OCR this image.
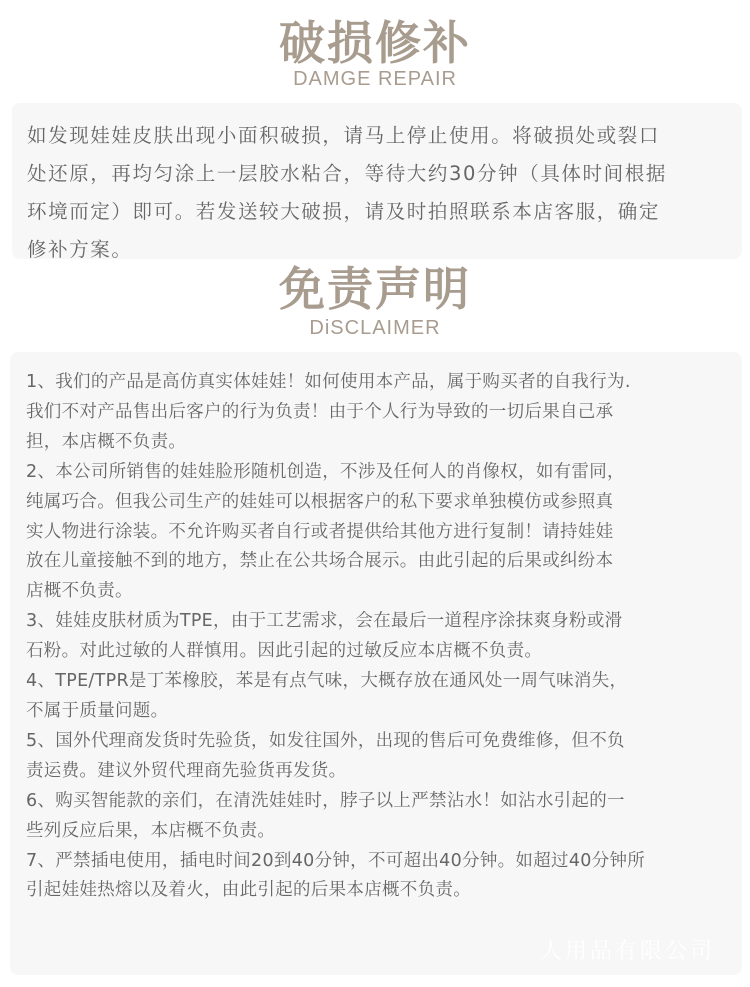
破损修补
DAMGE REPAIR
如发现娃娃皮肤出现小面积破损，请马上停止使用。将破损处或裂口
处还原，再均匀涂上一层胶水粘合，等待大约30分钟（具体时间根据
环境而定）即可。若发送较大破损，请及时拍照联系本店客服，确定
修补方案。
免责声明
DiSCLAIMER
1、我们的产品是高仿真实体娃娃！如何使用本产品，属于购买者的自我行为.
我们不对产品售出后客户的行为负责！由于个人行为导致的一切后果自己承
担，本店概不负责。
2、本公司所销售的娃娃脸形随机创造，不涉及任何人的肖像权，如有雷同，
纯属巧合。但我公司生产的娃娃可以根据客户的私下要求单独模仿或参照真
实人物进行涂装。不允许购买者自行或者提供给其他方进行复制！请持娃娃
放在儿童接触不到的地方，禁止在公共场合展示。由此引起的后果或纠纷本
店概不负责。
3、娃娃皮肤材质为TPE，由于工艺需求，会在最后一道程序涂抹爽身粉或滑
石粉。对此过敏的人群慎用。因此引起的过敏反应本店概不负责。
4、TPE/TPR是丁苯橡胶，苯是有点气味，大概存放在通风处一周气味消失，
不属于质量问题。
5、国外代理商发货时先验货，如发往国外，出现的售后可免费维修，但不负
责运费。建议外贸代理商先验货再发货。
6、购买智能款的亲们，在清洗娃娃时，脖子以上严禁沾水！如沾水引起的一
些列反应后果，本店概不负责。
7、严禁插电使用，插电时间20到40分钟，不可超出40分钟。如超过40分钟所
引起娃娃热熔以及着火，由此引起的后果本店概不负责。
人用品有限公司
